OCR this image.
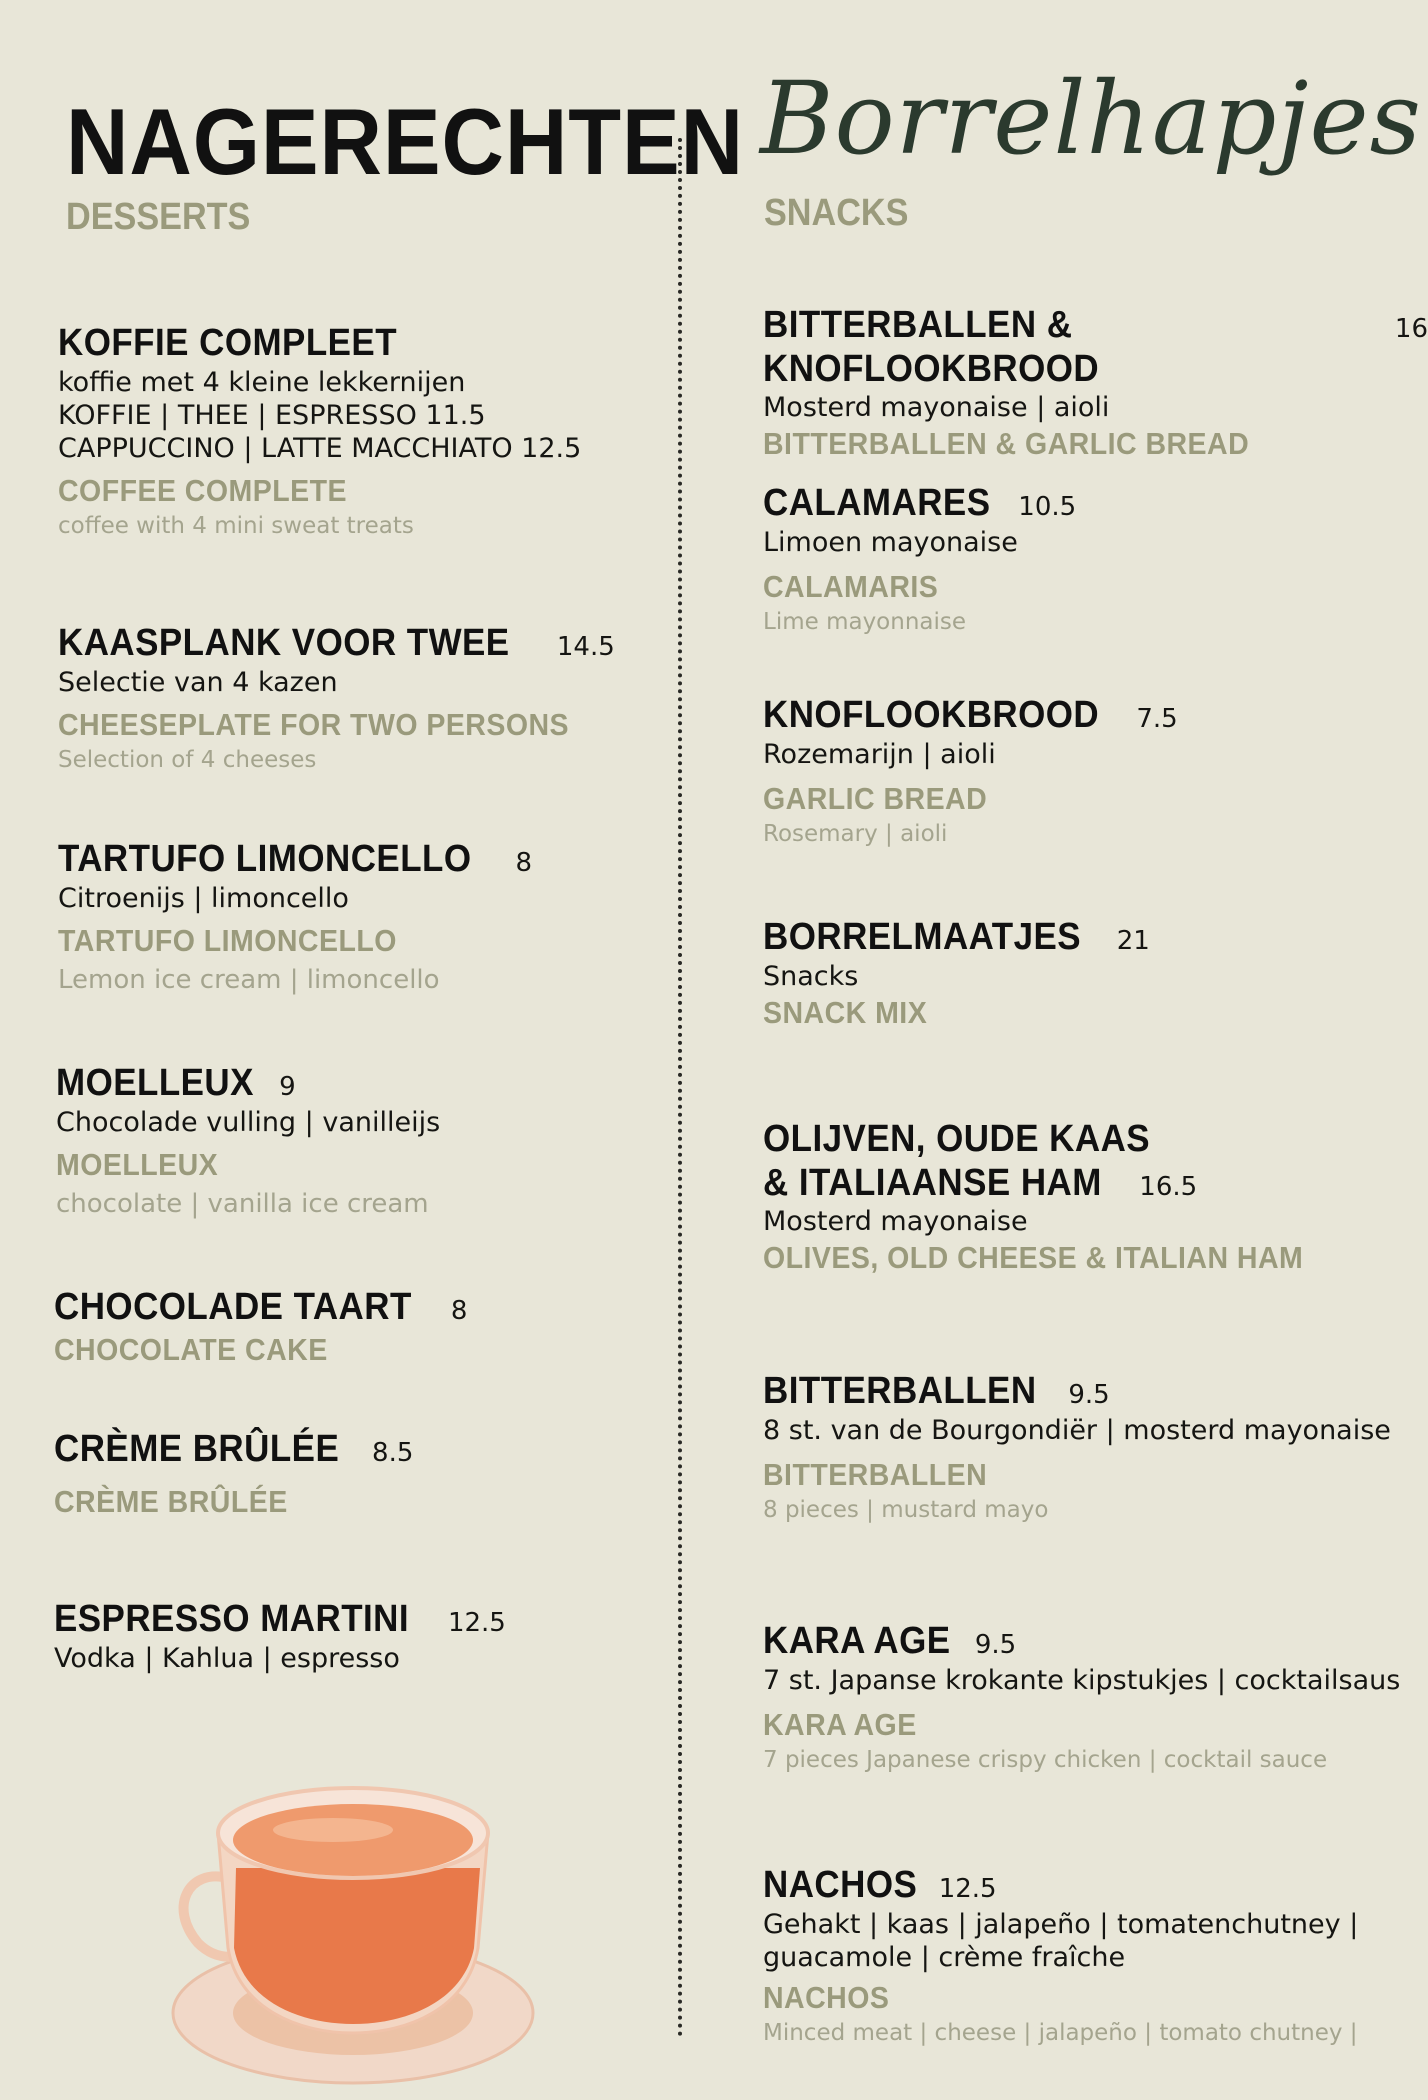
NAGERECHTEN
DESSERTS
KOFFIE COMPLEET

koffie met 4 kleine lekkernijen

KOFFIE | THEE | ESPRESSO 11.5

CAPPUCCINO | LATTE MACCHIATO 12.5

COFFEE COMPLETE

coffee with 4 mini sweat treats

KAASPLANK VOOR TWEE 14.5

Selectie van 4 kazen

CHEESEPLATE FOR TWO PERSONS

Selection of 4 cheeses

TARTUFO LIMONCELLO 8

Citroenijs | limoncello

TARTUFO LIMONCELLO

Lemon ice cream | limoncello

MOELLEUX 9

Chocolade vulling | vanilleijs

MOELLEUX

chocolate | vanilla ice cream

CHOCOLADE TAART 8
CHOCOLATE CAKE
CRÈME BRÛLÉE 8.5
CRÈME BRÛLÉE
ESPRESSO MARTINI 12.5

Vodka | Kahlua | espresso

Borrelhapjes
SNACKS
BITTERBALLEN & KNOFLOOKBROOD
16

Mosterd mayonaise | aioli

BITTERBALLEN & GARLIC BREAD
CALAMARES 10.5

Limoen mayonaise

CALAMARIS

Lime mayonnaise

KNOFLOOKBROOD 7.5

Rozemarijn | aioli

GARLIC BREAD

Rosemary | aioli

BORRELMAATJES 21

Snacks

SNACK MIX
OLIJVEN, OUDE KAAS
& ITALIAANSE HAM 16.5

Mosterd mayonaise

OLIVES, OLD CHEESE & ITALIAN HAM
BITTERBALLEN 9.5

8 st. van de Bourgondiër | mosterd mayonaise

BITTERBALLEN

8 pieces | mustard mayo

KARA AGE 9.5

7 st. Japanse krokante kipstukjes | cocktailsaus

KARA AGE

7 pieces Japanese crispy chicken | cocktail sauce

NACHOS 12.5

Gehakt | kaas | jalapeño | tomatenchutney |

guacamole | crème fraîche

NACHOS

Minced meat | cheese | jalapeño | tomato chutney |
